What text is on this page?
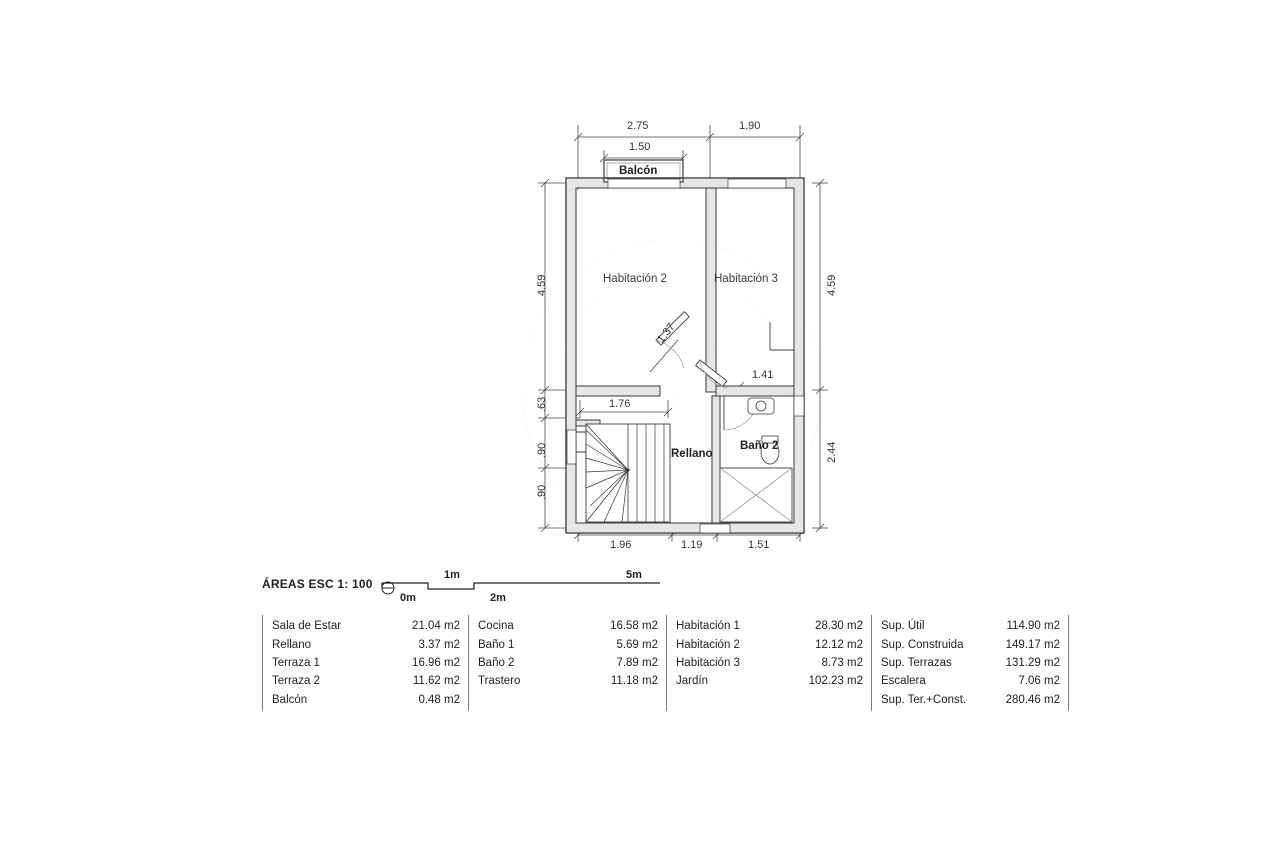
Balcón
Habitación 2	Habitación 3
Rellano
Baño 2
2.75	1.90
1.50
1.96	1.19	1.51
4.59
.63
.90
.90
4.59
2.44
1.76
1.37
1.41
0m
1m
2m
5m
ÁREAS ESC 1: 100
Sala de Estar	21.04 m2
Rellano	3.37 m2
Terraza 1	16.96 m2
Terraza 2	11.62 m2
Balcón	0.48 m2
Cocina	16.58 m2
Baño 1	5.69 m2
Baño 2	7.89 m2
Trastero	11.18 m2
Habitación 1	28.30 m2
Habitación 2	12.12 m2
Habitación 3	8.73 m2
Jardín	102.23 m2
Sup. Útil	114.90 m2
Sup. Construida	149.17 m2
Sup. Terrazas	131.29 m2
Escalera	7.06 m2
Sup. Ter.+Const.	280.46 m2
